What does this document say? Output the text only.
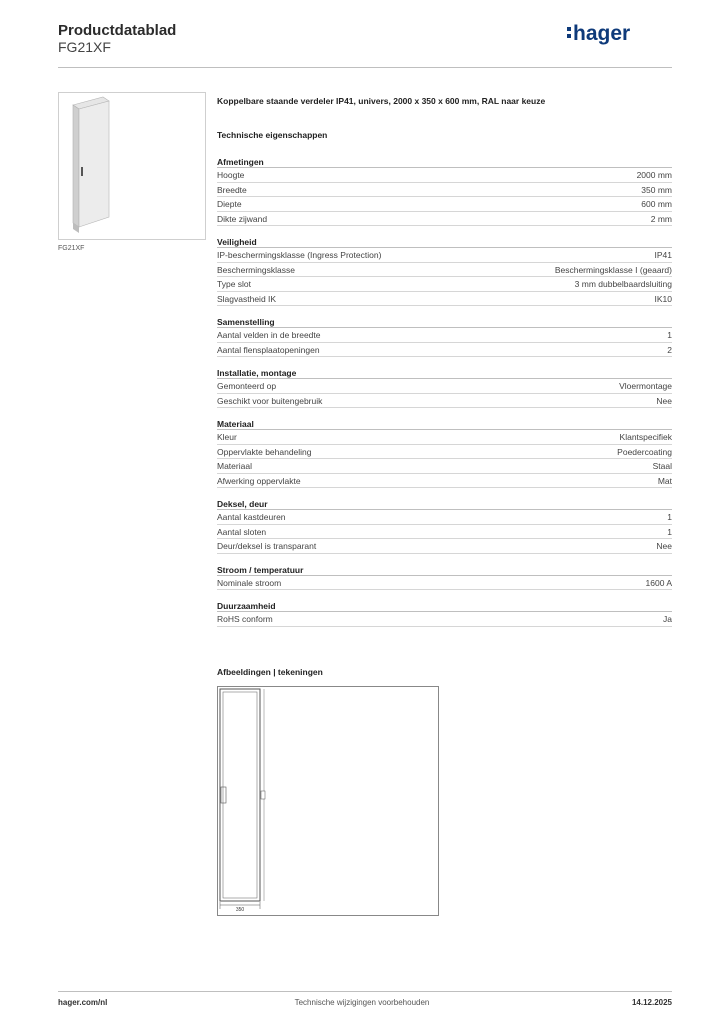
Productdatablad
FG21XF
hager
FG21XF
Koppelbare staande verdeler IP41, univers, 2000 x 350 x 600 mm, RAL naar keuze
Technische eigenschappen
Afmetingen
Hoogte	2000 mm
Breedte	350 mm
Diepte	600 mm
Dikte zijwand	2 mm
Veiligheid
IP-beschermingsklasse (Ingress Protection)	IP41
Beschermingsklasse	Beschermingsklasse I (geaard)
Type slot	3 mm dubbelbaardsluiting
Slagvastheid IK	IK10
Samenstelling
Aantal velden in de breedte	1
Aantal flensplaatopeningen	2
Installatie, montage
Gemonteerd op	Vloermontage
Geschikt voor buitengebruik	Nee
Materiaal
Kleur	Klantspecifiek
Oppervlakte behandeling	Poedercoating
Materiaal	Staal
Afwerking oppervlakte	Mat
Deksel, deur
Aantal kastdeuren	1
Aantal sloten	1
Deur/deksel is transparant	Nee
Stroom / temperatuur
Nominale stroom	1600 A
Duurzaamheid
RoHS conform	Ja
Afbeeldingen | tekeningen
350
hager.com/nl	Technische wijzigingen voorbehouden	14.12.2025
